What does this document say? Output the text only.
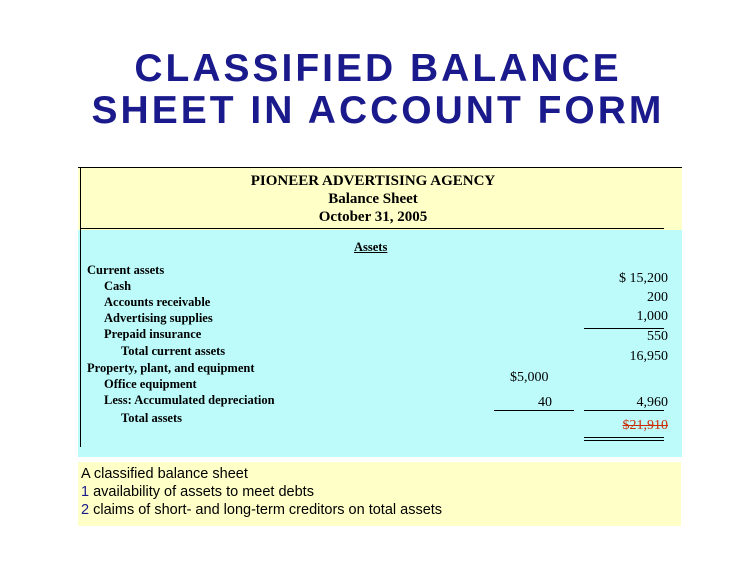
CLASSIFIED BALANCE
SHEET IN ACCOUNT FORM
PIONEER ADVERTISING AGENCY
Balance Sheet
October 31, 2005
Assets
Current assets
Cash	$ 15,200
Accounts receivable	200
Advertising supplies	1,000
Prepaid insurance	550
Total current assets	16,950
Property, plant, and equipment
Office equipment	$5,000
Less: Accumulated depreciation	40	4,960
Total assets	$21,910
A classified balance sheet
1 availability of assets to meet debts
2 claims of short- and long-term creditors on total assets
